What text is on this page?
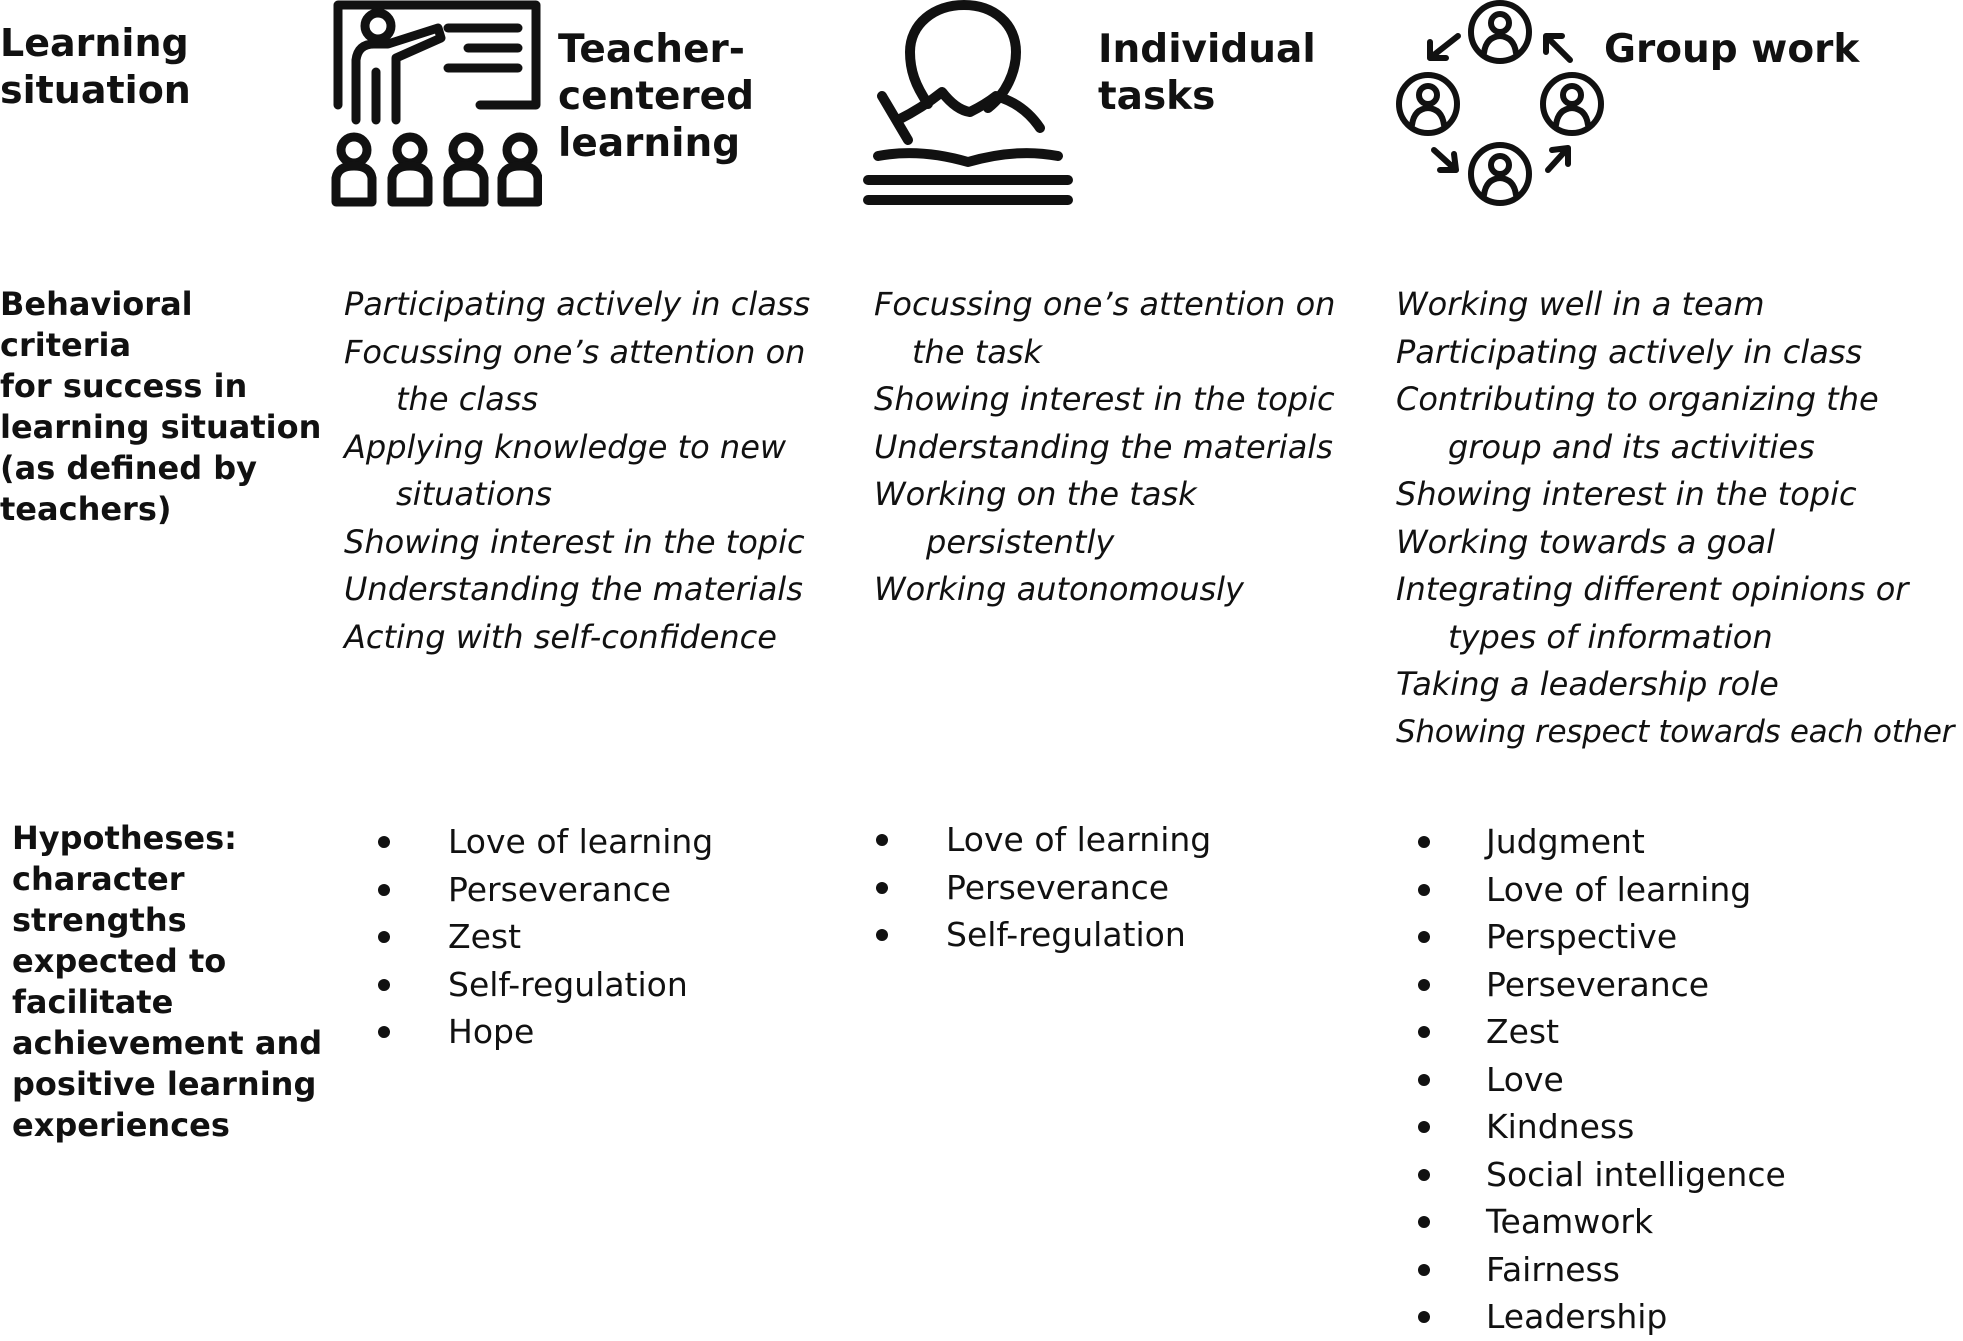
Learning
situation
Behavioral criteria
for success in
learning situation
(as defined by
teachers)
Hypotheses:
character strengths
expected to
facilitate
achievement and
positive learning
experiences
Teacher-
centered
learning
Participating actively in class
Focussing one’s attention on
the class
Applying knowledge to new
situations
Showing interest in the topic
Understanding the materials
Acting with self-confidence
Love of learning
Perseverance
Zest
Self-regulation
Hope
Individual
tasks
Focussing one’s attention on
the task
Showing interest in the topic
Understanding the materials
Working on the task
persistently
Working autonomously
Love of learning
Perseverance
Self-regulation
Group work
Working well in a team
Participating actively in class
Contributing to organizing the
group and its activities
Showing interest in the topic
Working towards a goal
Integrating different opinions or
types of information
Taking a leadership role
Showing respect towards each other
Judgment
Love of learning
Perspective
Perseverance
Zest
Love
Kindness
Social intelligence
Teamwork
Fairness
Leadership
